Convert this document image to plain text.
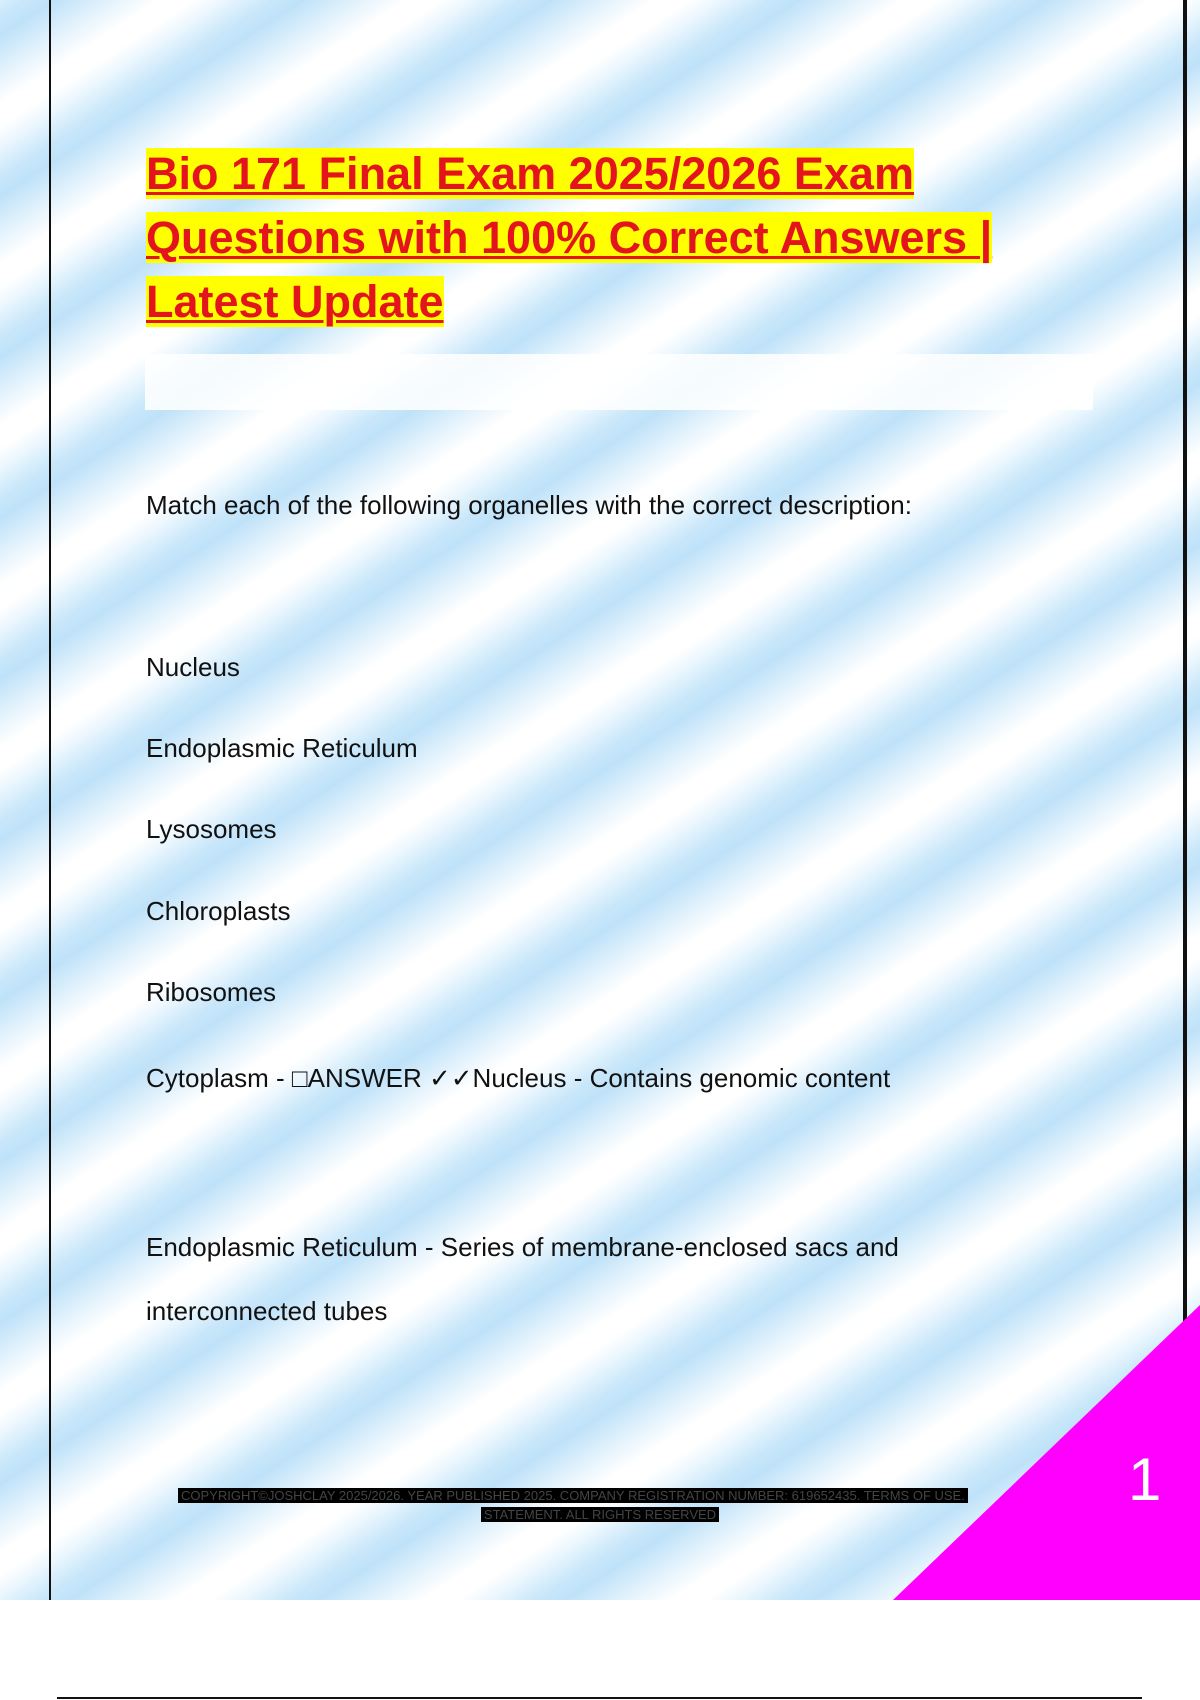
Bio 171 Final Exam 2025/2026 Exam Questions with 100% Correct Answers | Latest Update

Match each of the following organelles with the correct description:

Nucleus

Endoplasmic Reticulum

Lysosomes

Chloroplasts

Ribosomes

Cytoplasm - □ANSWER ✓✓Nucleus - Contains genomic content

Endoplasmic Reticulum - Series of membrane-enclosed sacs and

interconnected tubes

COPYRIGHT©JOSHCLAY 2025/2026. YEAR PUBLISHED 2025. COMPANY REGISTRATION NUMBER: 619652435. TERMS OF USE.
STATEMENT. ALL RIGHTS RESERVED
1
